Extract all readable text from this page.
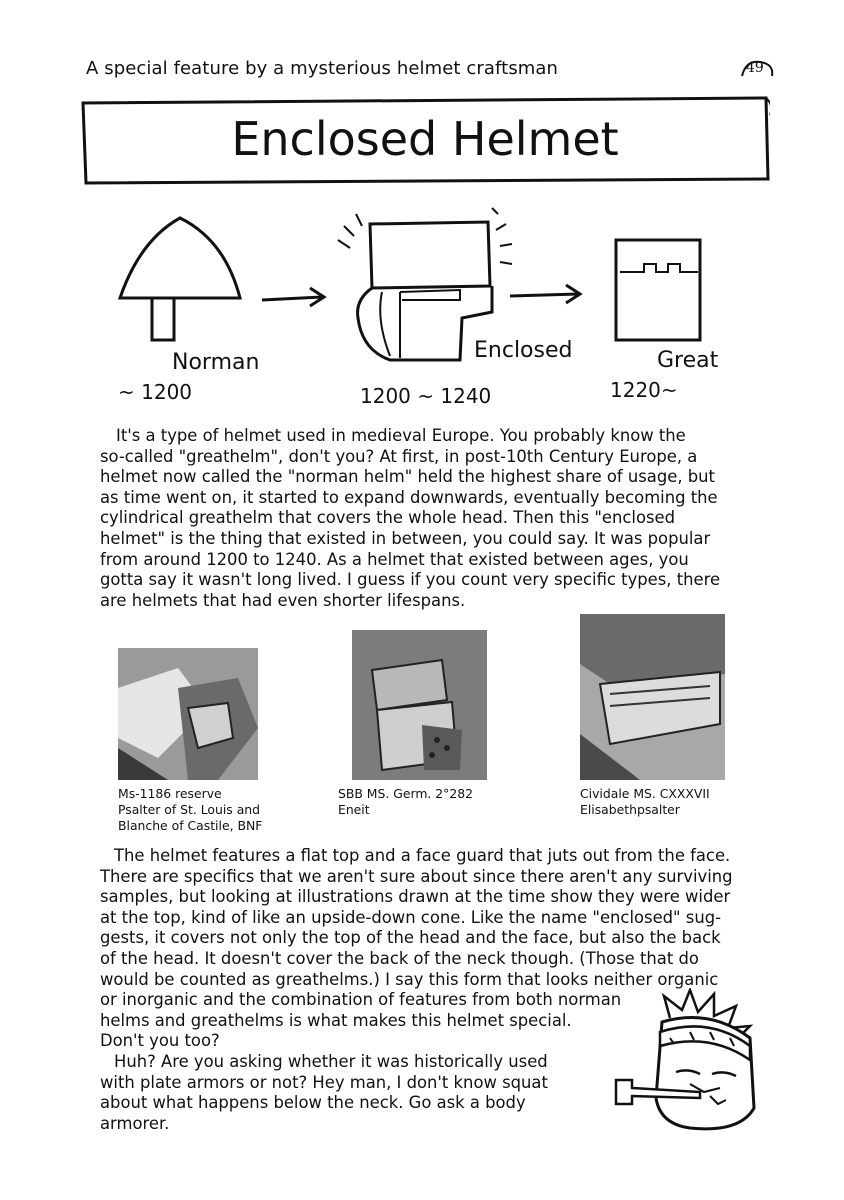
A special feature by a mysterious helmet craftsman	49
Enclosed Helmet
Norman	Enclosed	Great
~ 1200	1200 ~ 1240	1220~

It's a type of helmet used in medieval Europe. You probably know the

so-called "greathelm", don't you? At first, in post-10th Century Europe, a

helmet now called the "norman helm" held the highest share of usage, but

as time went on, it started to expand downwards, eventually becoming the

cylindrical greathelm that covers the whole head. Then this "enclosed

helmet" is the thing that existed in between, you could say. It was popular

from around 1200 to 1240. As a helmet that existed between ages, you

gotta say it wasn't long lived. I guess if you count very specific types, there

are helmets that had even shorter lifespans.

Ms-1186 reserve
Psalter of St. Louis and
Blanche of Castile, BNF
SBB MS. Germ. 2°282
Eneit
Cividale MS. CXXXVII
Elisabethpsalter

The helmet features a flat top and a face guard that juts out from the face.

There are specifics that we aren't sure about since there aren't any surviving

samples, but looking at illustrations drawn at the time show they were wider

at the top, kind of like an upside-down cone. Like the name "enclosed" sug-

gests, it covers not only the top of the head and the face, but also the back

of the head. It doesn't cover the back of the neck though. (Those that do

would be counted as greathelms.) I say this form that looks neither organic

or inorganic and the combination of features from both norman

helms and greathelms is what makes this helmet special.

Don't you too?

Huh? Are you asking whether it was historically used

with plate armors or not? Hey man, I don't know squat

about what happens below the neck. Go ask a body

armorer.
